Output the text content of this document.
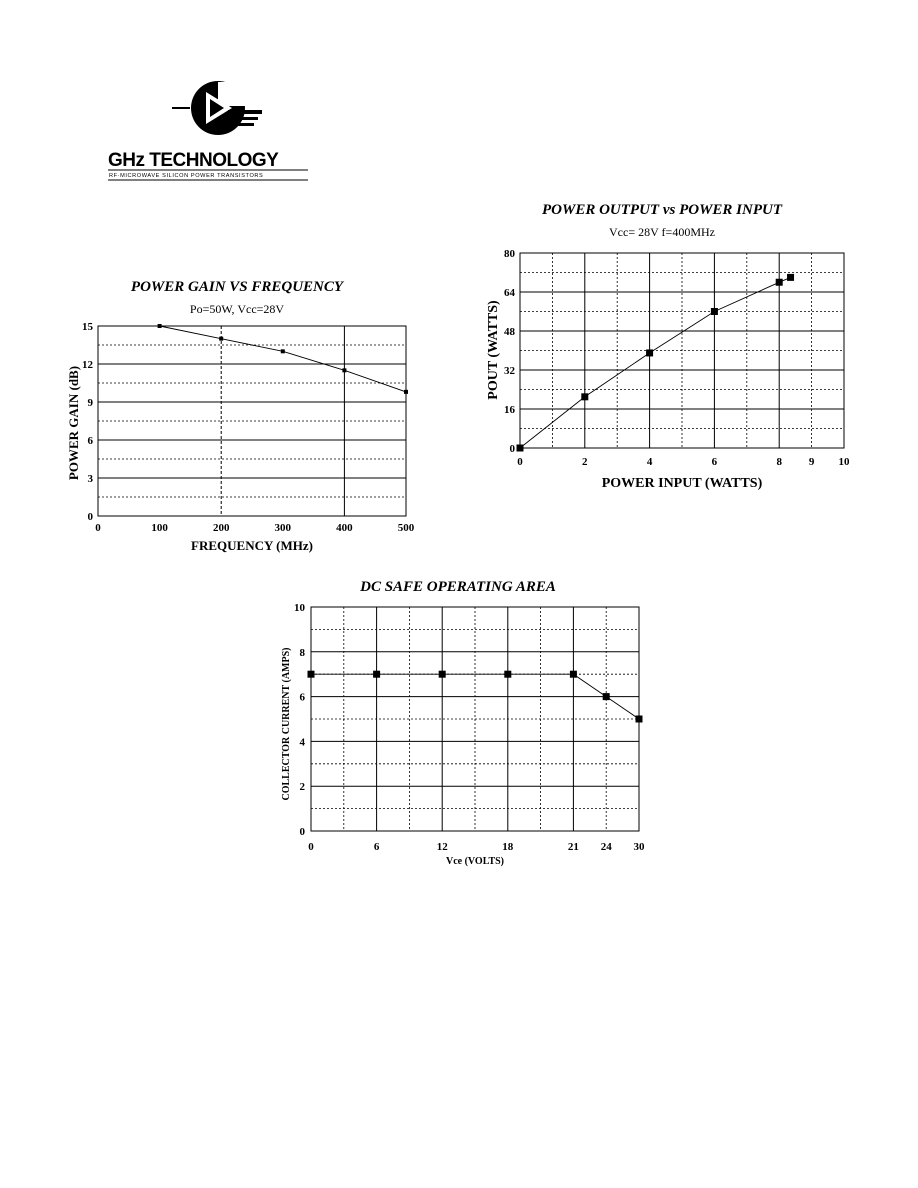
GHz TECHNOLOGY
RF·MICROWAVE SILICON POWER TRANSISTORS
POWER GAIN VS FREQUENCY
Po=50W, Vcc=28V
0	100	200	300	400	500
0
3
6
9
12
15
FREQUENCY (MHz)
POWER GAIN (dB)
POWER OUTPUT vs POWER INPUT
Vcc= 28V f=400MHz
0	2	4	6	8 9 10
0
16
32
48
64
80
POWER INPUT (WATTS)
POUT (WATTS)
DC SAFE OPERATING AREA
0	6	12	18	21 24 30
0
2
4
6
8
10
Vce (VOLTS)
COLLECTOR CURRENT (AMPS)
